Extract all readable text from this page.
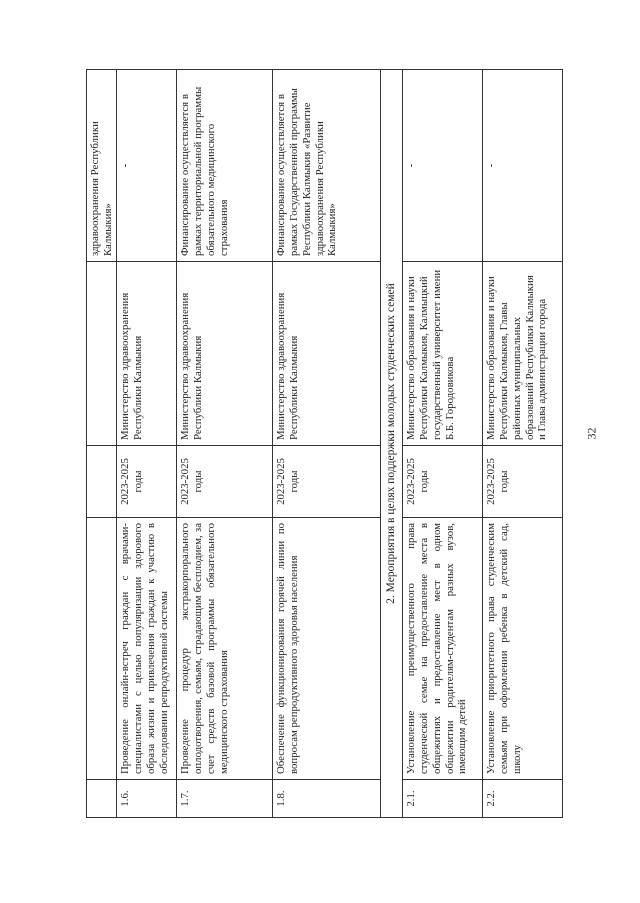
				здравоохранения Республики Калмыкия»
1.6.	Проведение онлайн-встреч граждан с врачами-специалистами с целью популяризации здорового образа жизни и привлечения граждан к участию в обследовании репродуктивной системы	2023-2025 годы	Министерство здравоохранения Республики Калмыкия	-
1.7.	Проведение процедур экстракорпорального оплодотворения, семьям, страдающим бесплодием, за счет средств базовой программы обязательного медицинского страхования	2023-2025 годы	Министерство здравоохранения Республики Калмыкия	Финансирование осуществляется в рамках территориальной программы обязательного медицинского страхования
1.8.	Обеспечение функционирования горячей линии по вопросам репродуктивного здоровья населения	2023-2025 годы	Министерство здравоохранения Республики Калмыкия	Финансирование осуществляется в рамках Государственной программы Республики Калмыкия «Развитие здравоохранения Республики Калмыкия»
2. Мероприятия в целях поддержки молодых студенческих семей				
2.1.	Установление преимущественного права студенческой семье на предоставление места в общежитиях и предоставление мест в одном общежитии родителям-студентам разных вузов, имеющим детей	2023-2025 годы	Министерство образования и науки Республики Калмыкия, Калмыцкий государственный университет имени Б.Б. Городовикова	-
2.2.	Установление приоритетного права студенческим семьям при оформлении ребенка в детский сад, школу	2023-2025 годы	Министерство образования и науки Республики Калмыкия, Главы районных муниципальных образований Республики Калмыкия и Глава администрации города	-
32
